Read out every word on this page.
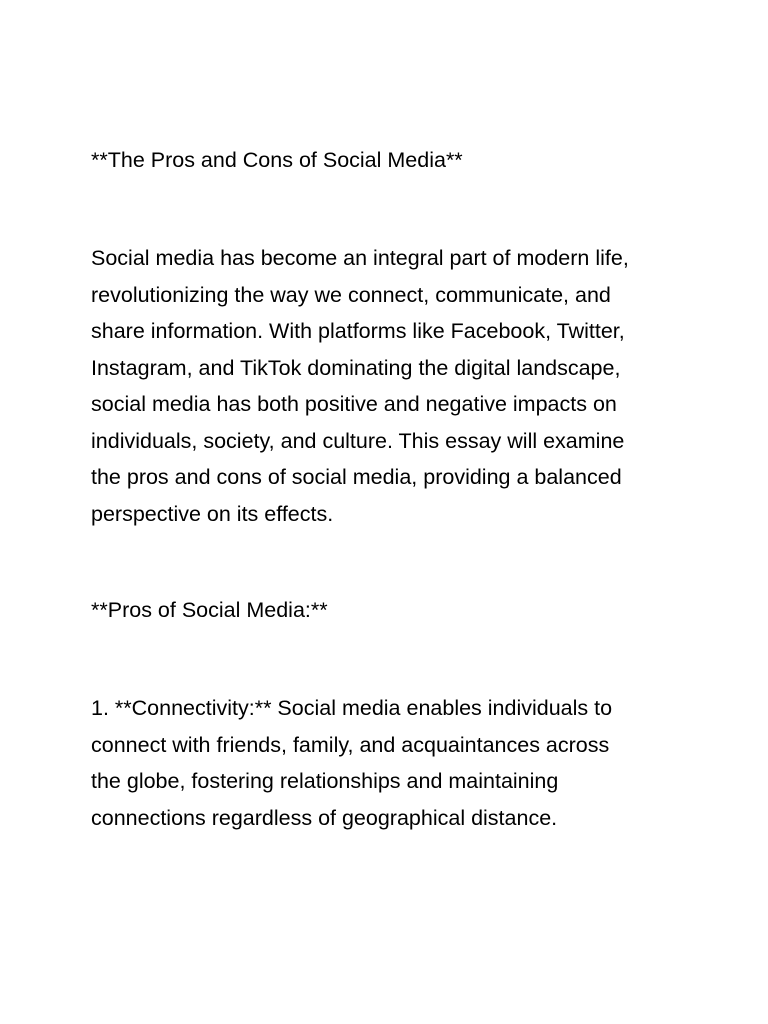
**The Pros and Cons of Social Media**

Social media has become an integral part of modern life,
revolutionizing the way we connect, communicate, and
share information. With platforms like Facebook, Twitter,
Instagram, and TikTok dominating the digital landscape,
social media has both positive and negative impacts on
individuals, society, and culture. This essay will examine
the pros and cons of social media, providing a balanced
perspective on its effects.

**Pros of Social Media:**

1. **Connectivity:** Social media enables individuals to
connect with friends, family, and acquaintances across
the globe, fostering relationships and maintaining
connections regardless of geographical distance.
